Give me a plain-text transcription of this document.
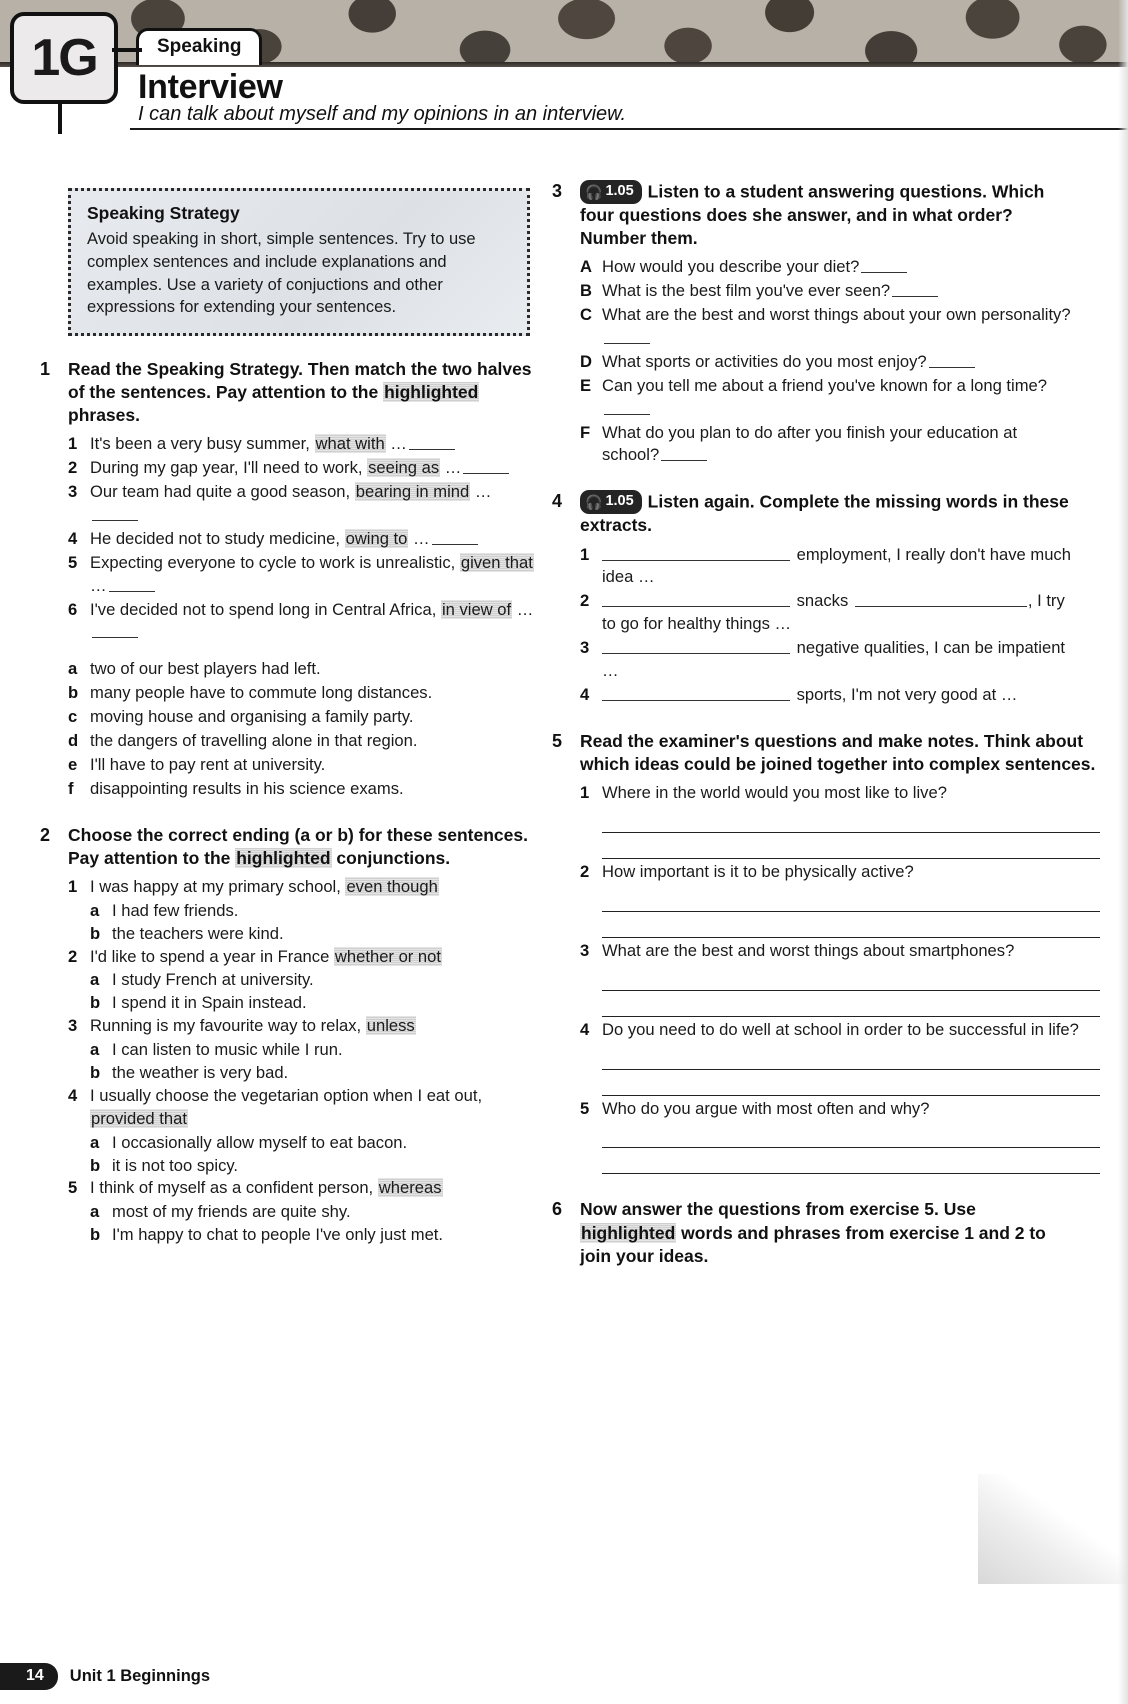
1G	Speaking
Interview
I can talk about myself and my opinions in an interview.
Speaking Strategy

Avoid speaking in short, simple sentences. Try to use complex sentences and include explanations and examples. Use a variety of conjuctions and other expressions for extending your sentences.

1	Read the Speaking Strategy. Then match the two halves of the sentences. Pay attention to the highlighted phrases.

1 It's been a very busy summer, what with …
2 During my gap year, I'll need to work, seeing as …
3 Our team had quite a good season, bearing in mind …
4 He decided not to study medicine, owing to …
5 Expecting everyone to cycle to work is unrealistic, given that …
6 I've decided not to spend long in Central Africa, in view of …

a two of our best players had left.
b many people have to commute long distances.
c moving house and organising a family party.
d the dangers of travelling alone in that region.
e I'll have to pay rent at university.
f disappointing results in his science exams.
2	Choose the correct ending (a or b) for these sentences. Pay attention to the highlighted conjunctions.

1 I was happy at my primary school, even though
a I had few friends.
b the teachers were kind.
2 I'd like to spend a year in France whether or not
a I study French at university.
b I spend it in Spain instead.
3 Running is my favourite way to relax, unless
a I can listen to music while I run.
b the weather is very bad.
4 I usually choose the vegetarian option when I eat out, provided that
a I occasionally allow myself to eat bacon.
b it is not too spicy.
5 I think of myself as a confident person, whereas
a most of my friends are quite shy.
b I'm happy to chat to people I've only just met.
3	🎧 1.05 Listen to a student answering questions. Which four questions does she answer, and in what order? Number them.

A How would you describe your diet?
B What is the best film you've ever seen?
C What are the best and worst things about your own personality?
D What sports or activities do you most enjoy?
E Can you tell me about a friend you've known for a long time?
F What do you plan to do after you finish your education at school?
4	🎧 1.05 Listen again. Complete the missing words in these extracts.

1	employment, I really don't have much idea …
2	snacks	, I try to go for healthy things …
3	negative qualities, I can be impatient …
4	sports, I'm not very good at …
5	Read the examiner's questions and make notes. Think about which ideas could be joined together into complex sentences.

1 Where in the world would you most like to live?
2 How important is it to be physically active?
3 What are the best and worst things about smartphones?
4 Do you need to do well at school in order to be successful in life?
5 Who do you argue with most often and why?
6	Now answer the questions from exercise 5. Use highlighted words and phrases from exercise 1 and 2 to join your ideas.

14	Unit 1 Beginnings
